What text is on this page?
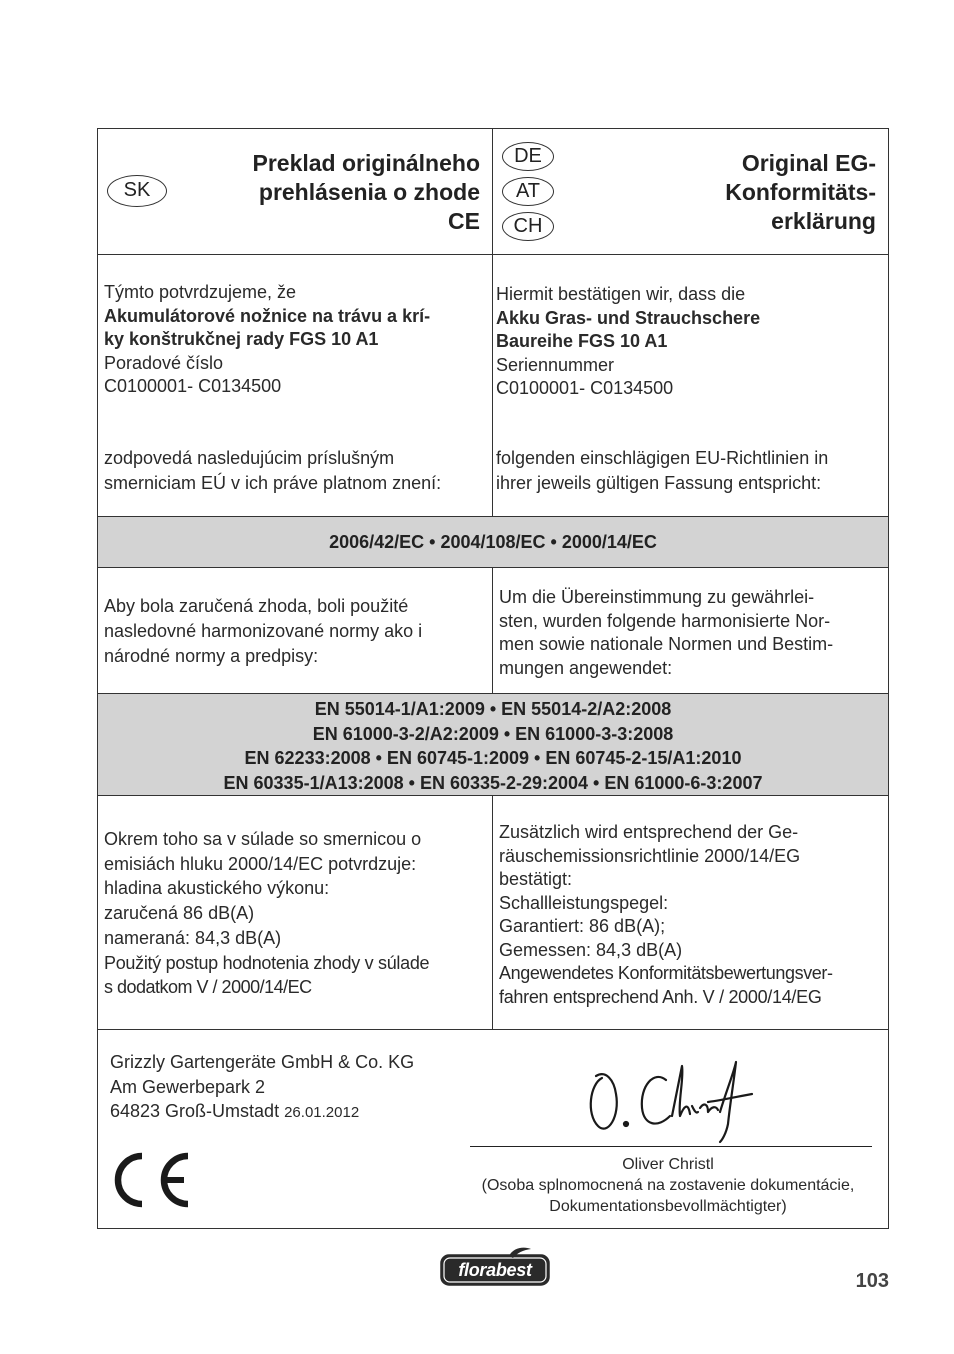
SK
Preklad originálneho
prehlásenia o zhode
CE
DE
AT
CH
Original EG-
Konformitäts-
erklärung
Týmto potvrdzujeme, že
Akumulátorové nožnice na trávu a krí-
ky konštrukčnej rady FGS 10 A1
Poradové číslo
C0100001- C0134500
zodpovedá nasledujúcim príslušným
smerniciam EÚ v ich práve platnom znení:
Hiermit bestätigen wir, dass die
Akku Gras- und Strauchschere
Baureihe FGS 10 A1
Seriennummer
C0100001- C0134500
folgenden einschlägigen EU-Richtlinien in
ihrer jeweils gültigen Fassung entspricht:
2006/42/EC • 2004/108/EC • 2000/14/EC
Aby bola zaručená zhoda, boli použité
nasledovné harmonizované normy ako i
národné normy a predpisy:
Um die Übereinstimmung zu gewährlei-
sten, wurden folgende harmonisierte Nor-
men sowie nationale Normen und Bestim-
mungen angewendet:
EN 55014-1/A1:2009 • EN 55014-2/A2:2008
EN 61000-3-2/A2:2009 • EN 61000-3-3:2008
EN 62233:2008 • EN 60745-1:2009 • EN 60745-2-15/A1:2010
EN 60335-1/A13:2008 • EN 60335-2-29:2004 • EN 61000-6-3:2007
Okrem toho sa v súlade so smernicou o
emisiách hluku 2000/14/EC potvrdzuje:
hladina akustického výkonu:
zaručená 86 dB(A)
nameraná: 84,3 dB(A)
Použitý postup hodnotenia zhody v súlade
s dodatkom V / 2000/14/EC
Zusätzlich wird entsprechend der Ge-
räuschemissionsrichtlinie 2000/14/EG
bestätigt:
Schallleistungspegel:
Garantiert: 86 dB(A);
Gemessen: 84,3 dB(A)
Angewendetes Konformitätsbewertungsver-
fahren entsprechend Anh. V / 2000/14/EG
Grizzly Gartengeräte GmbH & Co. KG
Am Gewerbepark 2
64823 Groß-Umstadt 26.01.2012
Oliver Christl
(Osoba splnomocnená na zostavenie dokumentácie,
Dokumentationsbevollmächtigter)
florabest	103
